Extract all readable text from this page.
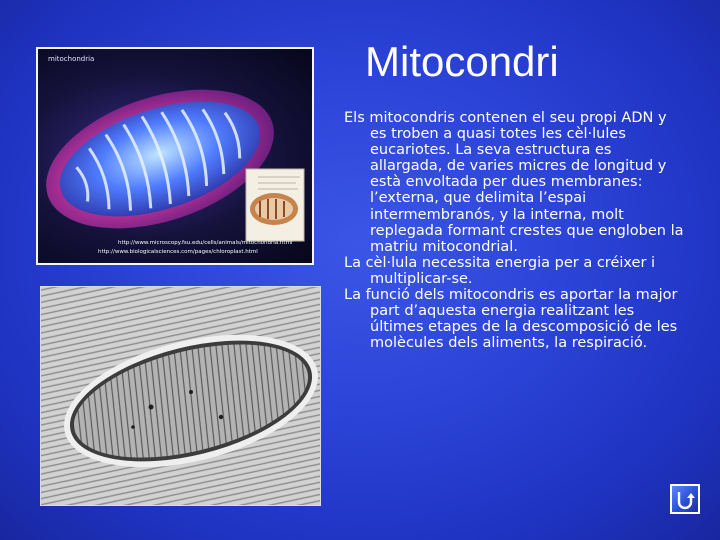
Mitocondri
mitochondria
http://www.microscopy.fsu.edu/cells/animals/mitochondria.html
http://www.biologicalsciences.com/pages/chloroplast.html

Els mitocondris contenen el seu propi ADN y es troben a quasi totes les cèl·lules eucariotes. La seva estructura es allargada, de varies micres de longitud y està envoltada per dues membranes: l’externa, que delimita l’espai intermembranós, y la interna, molt replegada formant crestes que engloben la matriu mitocondrial.

La cèl·lula necessita energia per a créixer i multiplicar-se.

La funció dels mitocondris es aportar la major part d’aquesta energia realitzant les últimes etapes de la descomposició de les molècules dels aliments, la respiració.
